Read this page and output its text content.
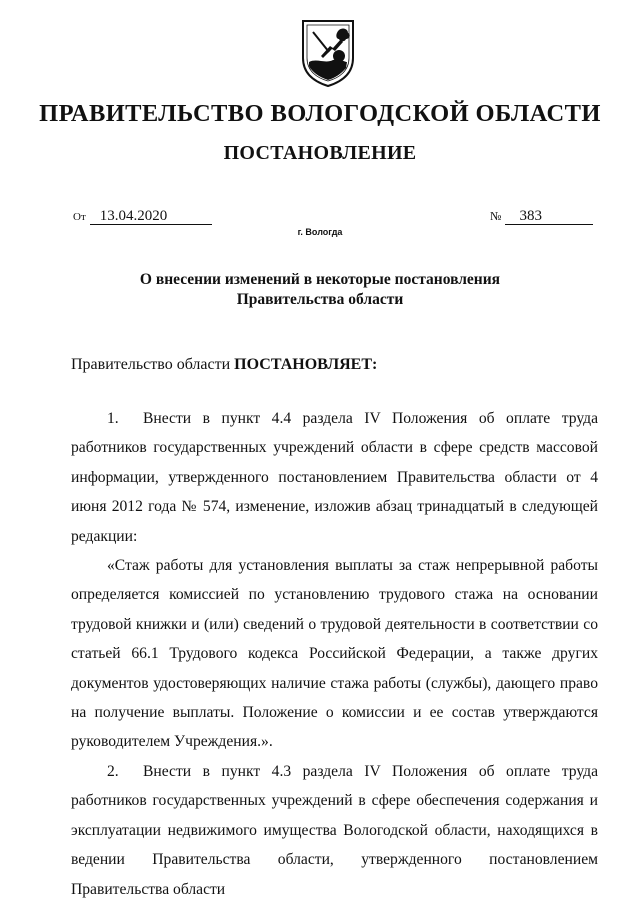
ПРАВИТЕЛЬСТВО ВОЛОГОДСКОЙ ОБЛАСТИ
ПОСТАНОВЛЕНИЕ
От 13.04.2020	№ 383
г. Вологда
О внесении изменений в некоторые постановления
Правительства области
Правительство области ПОСТАНОВЛЯЕТ:

1. Внести в пункт 4.4 раздела IV Положения об оплате труда работников государственных учреждений области в сфере средств массовой информации, утвержденного постановлением Правительства области от 4 июня 2012 года № 574, изменение, изложив абзац тринадцатый в следующей редакции:

«Стаж работы для установления выплаты за стаж непрерывной работы определяется комиссией по установлению трудового стажа на основании трудовой книжки и (или) сведений о трудовой деятельности в соответствии со статьей 66.1 Трудового кодекса Российской Федерации, а также других документов удостоверяющих наличие стажа работы (службы), дающего право на получение выплаты. Положение о комиссии и ее состав утверждаются руководителем Учреждения.».

2. Внести в пункт 4.3 раздела IV Положения об оплате труда работников государственных учреждений в сфере обеспечения содержания и эксплуатации недвижимого имущества Вологодской области, находящихся в ведении Правительства области, утвержденного постановлением Правительства области
